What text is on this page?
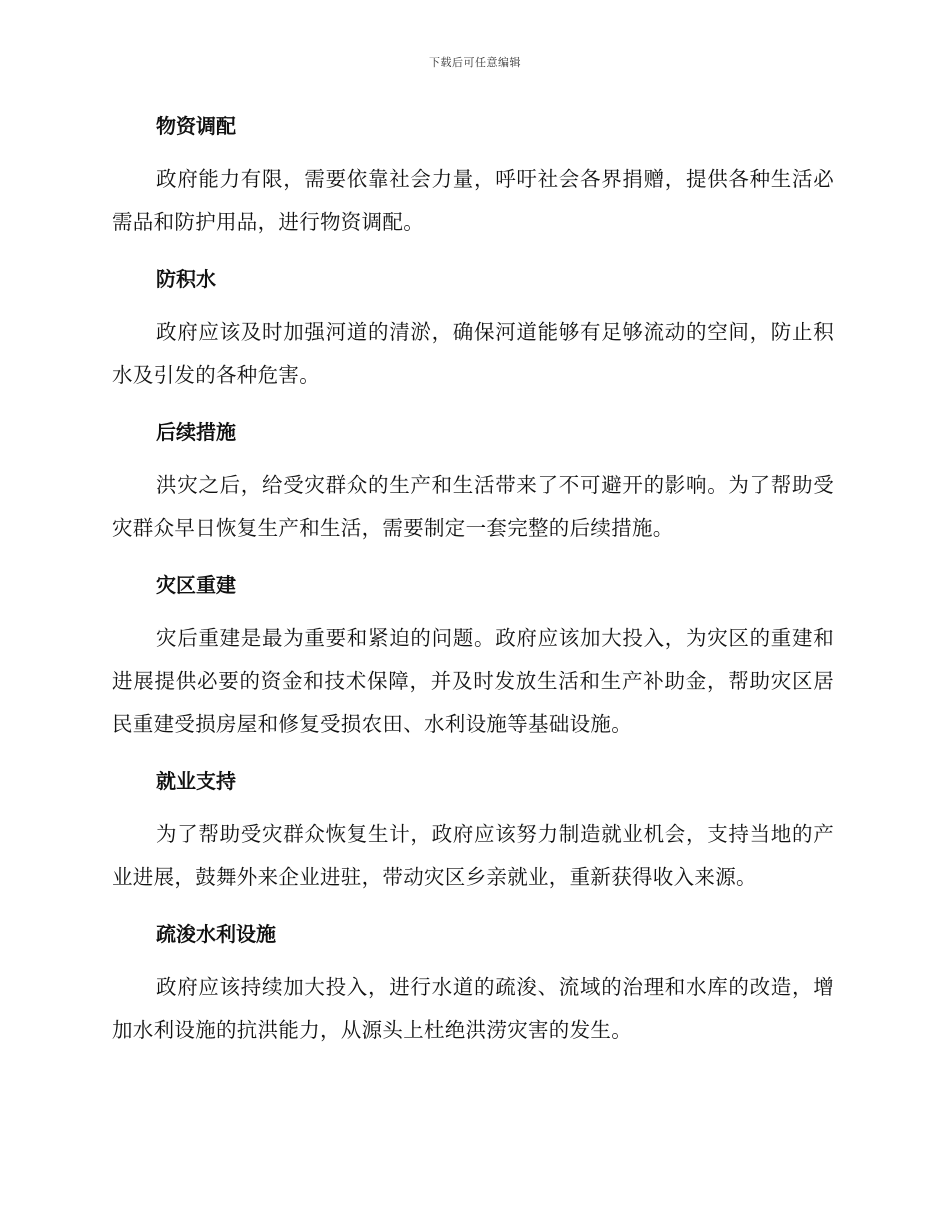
下载后可任意编辑
物资调配

政府能力有限，需要依靠社会力量，呼吁社会各界捐赠，提供各种生活必需品和防护用品，进行物资调配。

防积水

政府应该及时加强河道的清淤，确保河道能够有足够流动的空间，防止积水及引发的各种危害。

后续措施

洪灾之后，给受灾群众的生产和生活带来了不可避开的影响。为了帮助受灾群众早日恢复生产和生活，需要制定一套完整的后续措施。

灾区重建

灾后重建是最为重要和紧迫的问题。政府应该加大投入，为灾区的重建和进展提供必要的资金和技术保障，并及时发放生活和生产补助金，帮助灾区居民重建受损房屋和修复受损农田、水利设施等基础设施。

就业支持

为了帮助受灾群众恢复生计，政府应该努力制造就业机会，支持当地的产业进展，鼓舞外来企业进驻，带动灾区乡亲就业，重新获得收入来源。

疏浚水利设施

政府应该持续加大投入，进行水道的疏浚、流域的治理和水库的改造，增加水利设施的抗洪能力，从源头上杜绝洪涝灾害的发生。
